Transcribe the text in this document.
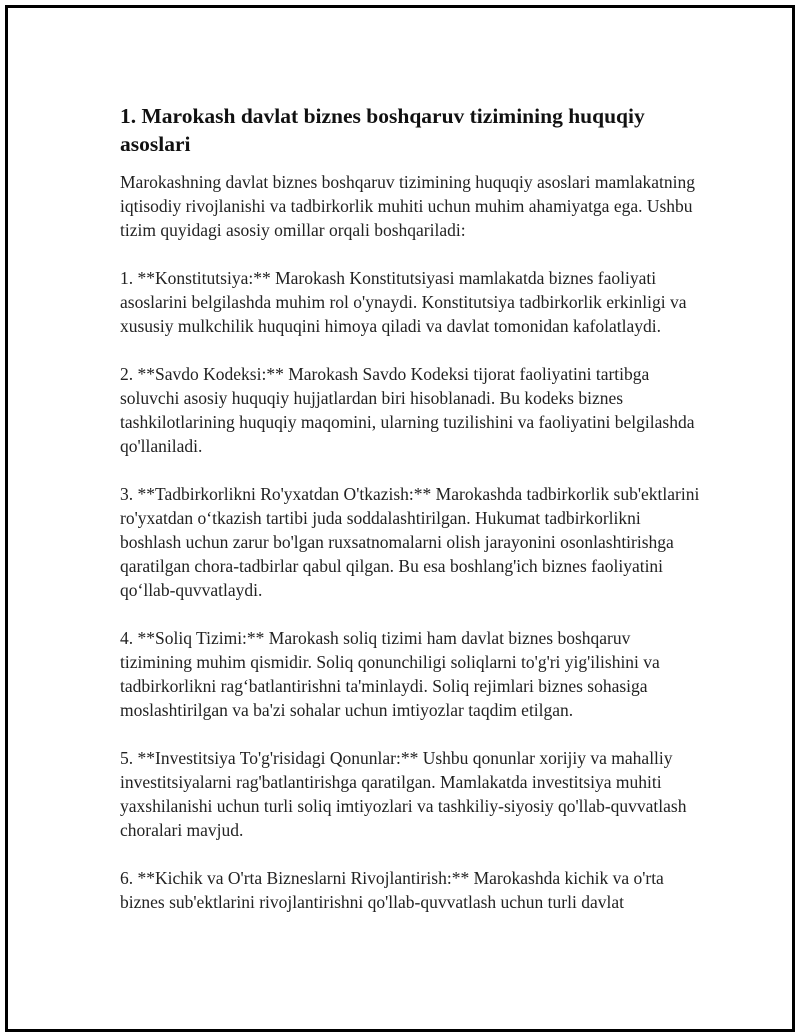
1. Marokash davlat biznes boshqaruv tizimining huquqiy asoslari

Marokashning davlat biznes boshqaruv tizimining huquqiy asoslari mamlakatning iqtisodiy rivojlanishi va tadbirkorlik muhiti uchun muhim ahamiyatga ega. Ushbu tizim quyidagi asosiy omillar orqali boshqariladi:

1. **Konstitutsiya:** Marokash Konstitutsiyasi mamlakatda biznes faoliyati asoslarini belgilashda muhim rol o'ynaydi. Konstitutsiya tadbirkorlik erkinligi va xususiy mulkchilik huquqini himoya qiladi va davlat tomonidan kafolatlaydi.

2. **Savdo Kodeksi:** Marokash Savdo Kodeksi tijorat faoliyatini tartibga soluvchi asosiy huquqiy hujjatlardan biri hisoblanadi. Bu kodeks biznes tashkilotlarining huquqiy maqomini, ularning tuzilishini va faoliyatini belgilashda qo'llaniladi.

3. **Tadbirkorlikni Ro'yxatdan O'tkazish:** Marokashda tadbirkorlik sub'ektlarini ro'yxatdan o‘tkazish tartibi juda soddalashtirilgan. Hukumat tadbirkorlikni boshlash uchun zarur bo'lgan ruxsatnomalarni olish jarayonini osonlashtirishga qaratilgan chora-tadbirlar qabul qilgan. Bu esa boshlang'ich biznes faoliyatini qo‘llab-quvvatlaydi.

4. **Soliq Tizimi:** Marokash soliq tizimi ham davlat biznes boshqaruv tizimining muhim qismidir. Soliq qonunchiligi soliqlarni to'g'ri yig'ilishini va tadbirkorlikni rag‘batlantirishni ta'minlaydi. Soliq rejimlari biznes sohasiga moslashtirilgan va ba'zi sohalar uchun imtiyozlar taqdim etilgan.

5. **Investitsiya To'g'risidagi Qonunlar:** Ushbu qonunlar xorijiy va mahalliy investitsiyalarni rag'batlantirishga qaratilgan. Mamlakatda investitsiya muhiti yaxshilanishi uchun turli soliq imtiyozlari va tashkiliy-siyosiy qo'llab-quvvatlash choralari mavjud.

6. **Kichik va O'rta Bizneslarni Rivojlantirish:** Marokashda kichik va o'rta biznes sub'ektlarini rivojlantirishni qo'llab-quvvatlash uchun turli davlat
